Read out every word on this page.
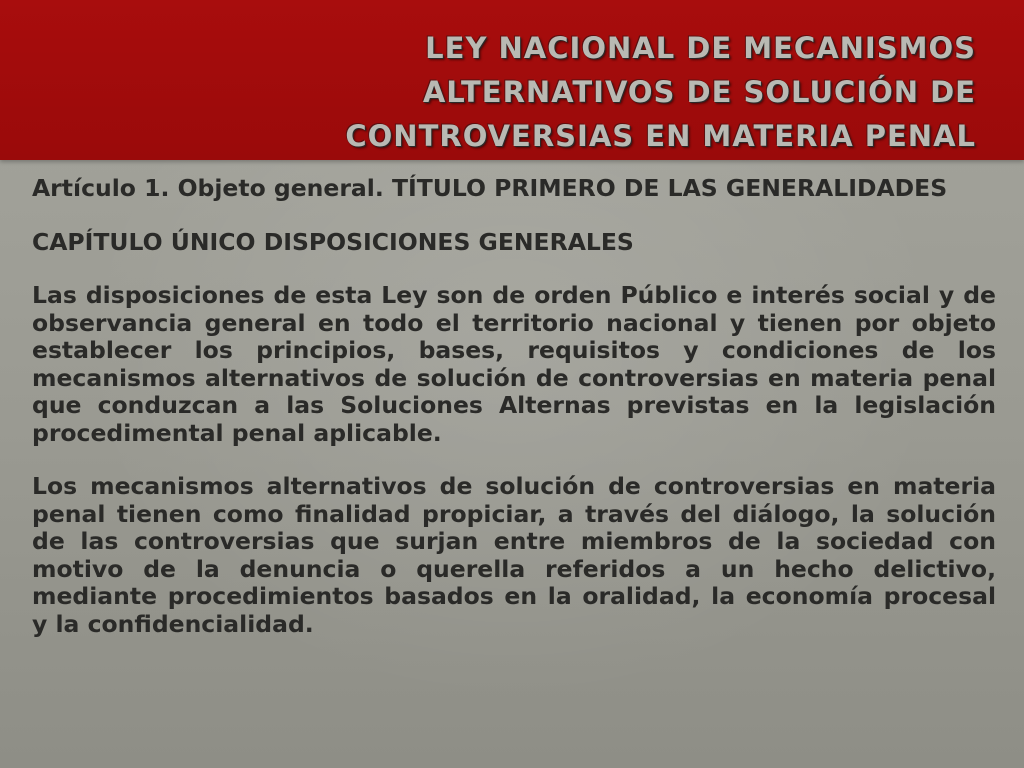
LEY NACIONAL DE MECANISMOS
ALTERNATIVOS DE SOLUCIÓN DE
CONTROVERSIAS EN MATERIA PENAL

Artículo 1. Objeto general. TÍTULO PRIMERO DE LAS GENERALIDADES

CAPÍTULO ÚNICO DISPOSICIONES GENERALES

Las disposiciones de esta Ley son de orden Público e interés social y de observancia general en todo el territorio nacional y tienen por objeto establecer los principios, bases, requisitos y condiciones de los mecanismos alternativos de solución de controversias en materia penal que conduzcan a las Soluciones Alternas previstas en la legislación procedimental penal aplicable.

Los mecanismos alternativos de solución de controversias en materia penal tienen como finalidad propiciar, a través del diálogo, la solución de las controversias que surjan entre miembros de la sociedad con motivo de la denuncia o querella referidos a un hecho delictivo, mediante procedimientos basados en la oralidad, la economía procesal y la confidencialidad.
